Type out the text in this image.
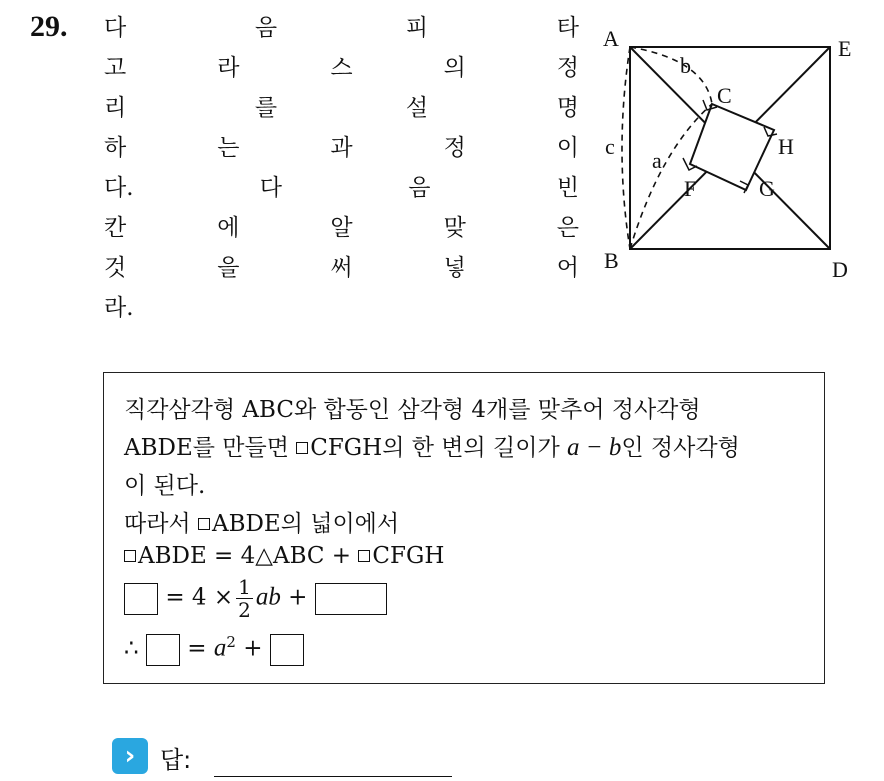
29. 다 음 피 타
고 라 스 의 정
리 를 설 명
하 는 과 정 이
다. 다 음 빈
칸 에 알 맞 은
것 을 써 넣 어
라.
A	E
B	D
C
H
G
F
b
a
c
직각삼각형 ABC와 합동인 삼각형 4개를 맞추어 정사각형
ABDE를 만들면 CFGH의 한 변의 길이가 a − b인 정사각형
이 된다.
따라서 ABDE의 넓이에서
ABDE = 4△ABC + CFGH
= $4 \times \frac{1}{2}$ ab +
∴ = $a^2$ +
›	답:
